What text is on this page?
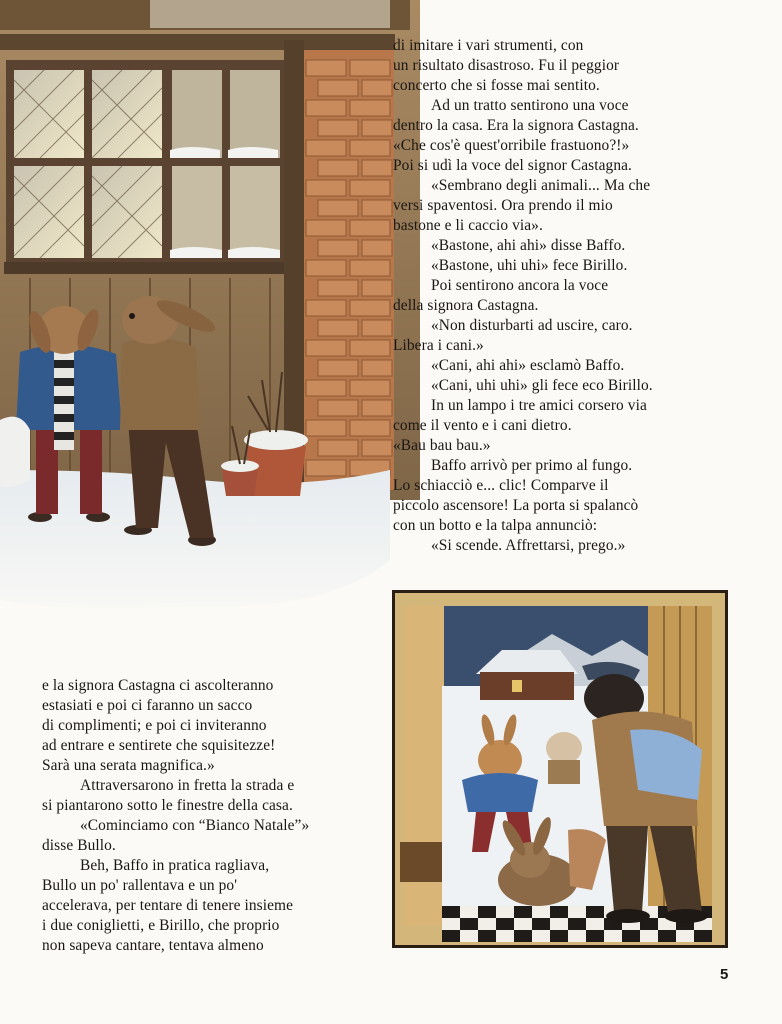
di imitare i vari strumenti, con
un risultato disastroso. Fu il peggior
concerto che si fosse mai sentito.
Ad un tratto sentirono una voce
dentro la casa. Era la signora Castagna.
«Che cos'è quest'orribile frastuono?!»
Poi si udì la voce del signor Castagna.
«Sembrano degli animali... Ma che
versi spaventosi. Ora prendo il mio
bastone e li caccio via».
«Bastone, ahi ahi» disse Baffo.
«Bastone, uhi uhi» fece Birillo.
Poi sentirono ancora la voce
della signora Castagna.
«Non disturbarti ad uscire, caro.
Libera i cani.»
«Cani, ahi ahi» esclamò Baffo.
«Cani, uhi uhi» gli fece eco Birillo.
In un lampo i tre amici corsero via
come il vento e i cani dietro.
«Bau bau bau.»
Baffo arrivò per primo al fungo.
Lo schiacciò e... clic! Comparve il
piccolo ascensore! La porta si spalancò
con un botto e la talpa annunciò:
«Si scende. Affrettarsi, prego.»
e la signora Castagna ci ascolteranno
estasiati e poi ci faranno un sacco
di complimenti; e poi ci inviteranno
ad entrare e sentirete che squisitezze!
Sarà una serata magnifica.»
Attraversarono in fretta la strada e
si piantarono sotto le finestre della casa.
«Cominciamo con “Bianco Natale”»
disse Bullo.
Beh, Baffo in pratica ragliava,
Bullo un po' rallentava e un po'
accelerava, per tentare di tenere insieme
i due coniglietti, e Birillo, che proprio
non sapeva cantare, tentava almeno
5
